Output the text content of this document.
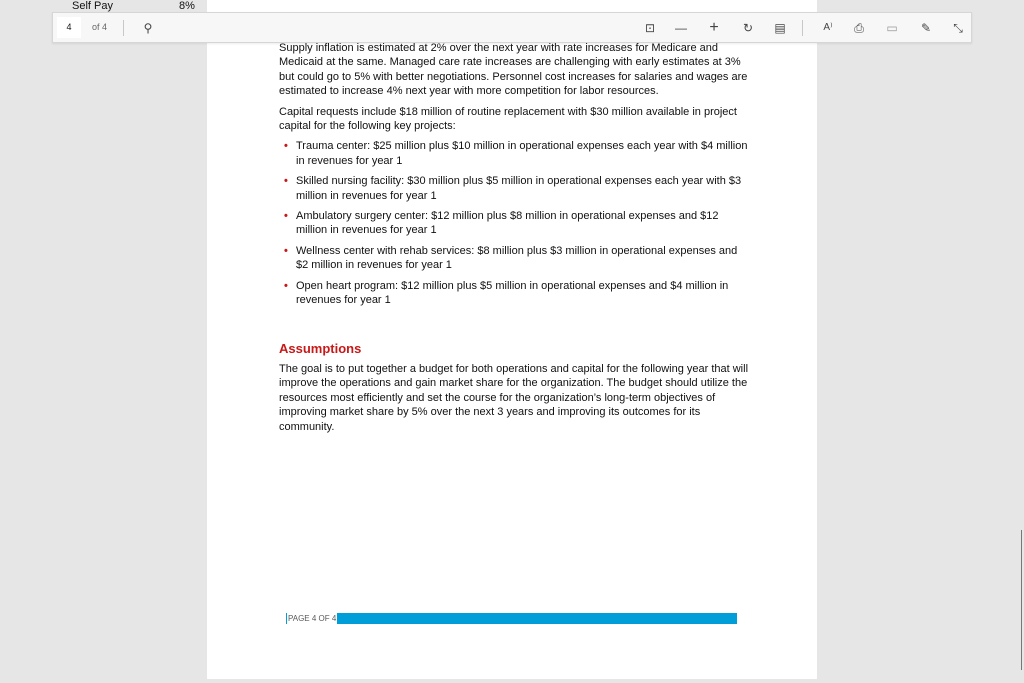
Self Pay	8%
4	of 4	⚲	⊡	—	+	↻	▤	A⁾	⎙	▭	✎	⤡

Supply inflation is estimated at 2% over the next year with rate increases for Medicare and Medicaid at the same. Managed care rate increases are challenging with early estimates at 3% but could go to 5% with better negotiations. Personnel cost increases for salaries and wages are estimated to increase 4% next year with more competition for labor resources.

Capital requests include $18 million of routine replacement with $30 million available in project capital for the following key projects:

• Trauma center: $25 million plus $10 million in operational expenses each year with $4 million in revenues for year 1
• Skilled nursing facility: $30 million plus $5 million in operational expenses each year with $3 million in revenues for year 1
• Ambulatory surgery center: $12 million plus $8 million in operational expenses and $12 million in revenues for year 1
• Wellness center with rehab services: $8 million plus $3 million in operational expenses and $2 million in revenues for year 1
• Open heart program: $12 million plus $5 million in operational expenses and $4 million in revenues for year 1
Assumptions

The goal is to put together a budget for both operations and capital for the following year that will improve the operations and gain market share for the organization. The budget should utilize the resources most efficiently and set the course for the organization’s long-term objectives of improving market share by 5% over the next 3 years and improving its outcomes for its community.

PAGE 4 OF 4
